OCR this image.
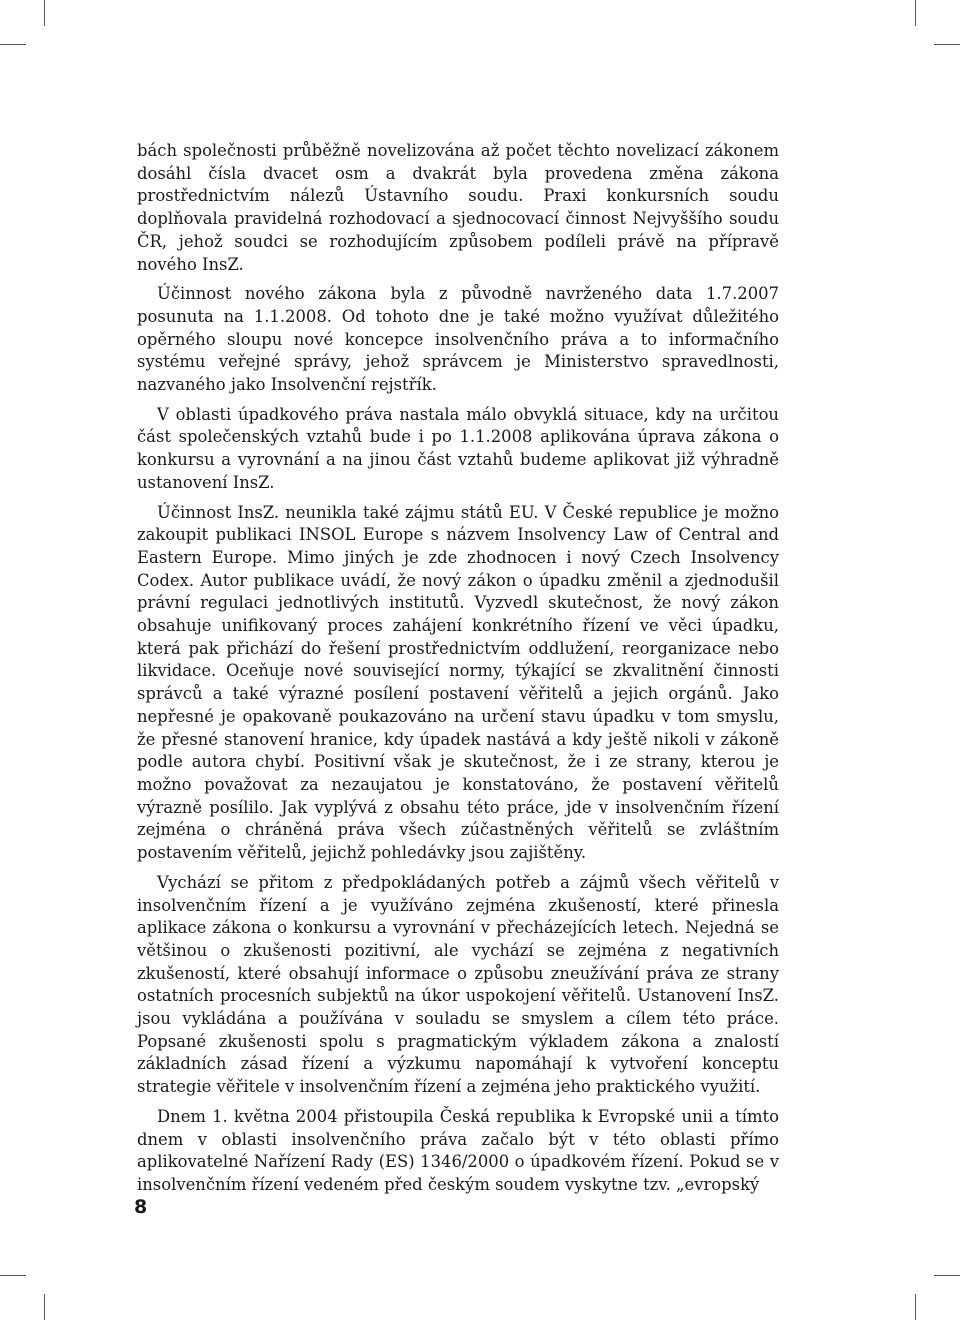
bách společnosti průběžně novelizována až počet těchto novelizací zákonem dosáhl čísla dvacet osm a dvakrát byla provedena změna zákona prostřednictvím nálezů Ústavního soudu. Praxi konkursních soudu doplňovala pravidelná rozhodovací a sjednocovací činnost Nejvyššího soudu ČR, jehož soudci se rozhodujícím způsobem podíleli právě na přípravě nového InsZ.

Účinnost nového zákona byla z původně navrženého data 1.7.2007 posunuta na 1.1.2008. Od tohoto dne je také možno využívat důležitého opěrného sloupu nové koncepce insolvenčního práva a to informačního systému veřejné správy, jehož správcem je Ministerstvo spravedlnosti, nazvaného jako Insolvenční rejstřík.

V oblasti úpadkového práva nastala málo obvyklá situace, kdy na určitou část společenských vztahů bude i po 1.1.2008 aplikována úprava zákona o konkursu a vyrovnání a na jinou část vztahů budeme aplikovat již výhradně ustanovení InsZ.

Účinnost InsZ. neunikla také zájmu států EU. V České republice je možno zakoupit publikaci INSOL Europe s názvem Insolvency Law of Central and Eastern Europe. Mimo jiných je zde zhodnocen i nový Czech Insolvency Codex. Autor publikace uvádí, že nový zákon o úpadku změnil a zjednodušil právní regulaci jednotlivých institutů. Vyzvedl skutečnost, že nový zákon obsahuje unifikovaný proces zahájení konkrétního řízení ve věci úpadku, která pak přichází do řešení prostřednictvím oddlužení, reorganizace nebo likvidace. Oceňuje nové související normy, týkající se zkvalitnění činnosti správců a také výrazné posílení postavení věřitelů a jejich orgánů. Jako nepřesné je opakovaně poukazováno na určení stavu úpadku v tom smyslu, že přesné stanovení hranice, kdy úpadek nastává a kdy ještě nikoli v zákoně podle autora chybí. Positivní však je skutečnost, že i ze strany, kterou je možno považovat za nezaujatou je konstatováno, že postavení věřitelů výrazně posílilo. Jak vyplývá z obsahu této práce, jde v insolvenčním řízení zejména o chráněná práva všech zúčastněných věřitelů se zvláštním postavením věřitelů, jejichž pohledávky jsou zajištěny.

Vychází se přitom z předpokládaných potřeb a zájmů všech věřitelů v insolvenčním řízení a je využíváno zejména zkušeností, které přinesla aplikace zákona o konkursu a vyrovnání v přecházejících letech. Nejedná se většinou o zkušenosti pozitivní, ale vychází se zejména z negativních zkušeností, které obsahují informace o způsobu zneužívání práva ze strany ostatních procesních subjektů na úkor uspokojení věřitelů. Ustanovení InsZ. jsou vykládána a používána v souladu se smyslem a cílem této práce. Popsané zkušenosti spolu s pragmatickým výkladem zákona a znalostí základních zásad řízení a výzkumu napomáhají k vytvoření konceptu strategie věřitele v insolvenčním řízení a zejména jeho praktického využití.

Dnem 1. května 2004 přistoupila Česká republika k Evropské unii a tímto dnem v oblasti insolvenčního práva začalo být v této oblasti přímo aplikovatelné Nařízení Rady (ES) 1346/2000 o úpadkovém řízení. Pokud se v insolvenčním řízení vedeném před českým soudem vyskytne tzv. „evropský

8
